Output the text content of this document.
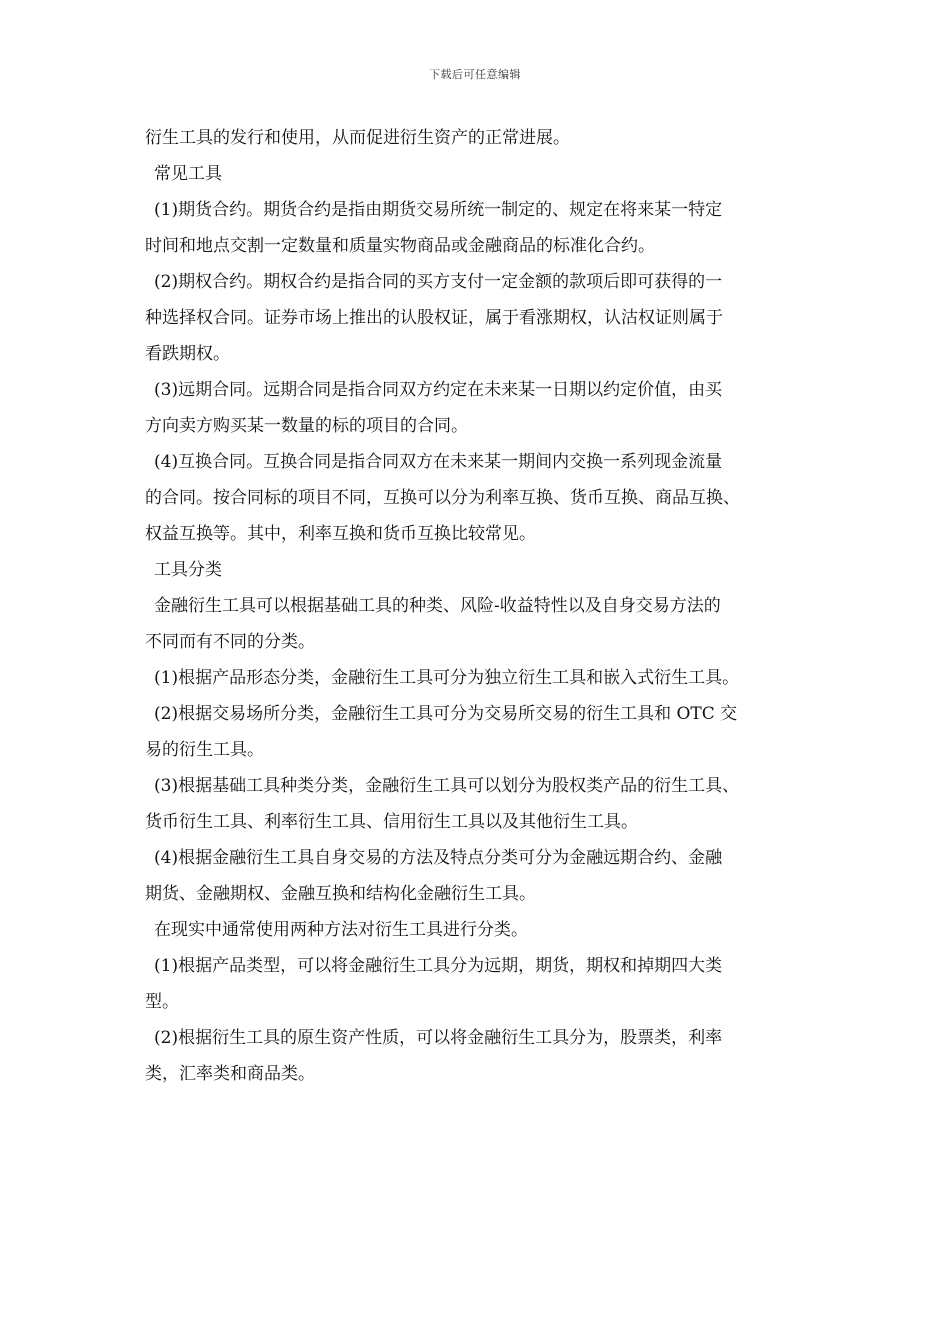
下载后可任意编辑
衍生工具的发行和使用，从而促进衍生资产的正常进展。
常见工具
(1)期货合约。期货合约是指由期货交易所统一制定的、规定在将来某一特定
时间和地点交割一定数量和质量实物商品或金融商品的标准化合约。
(2)期权合约。期权合约是指合同的买方支付一定金额的款项后即可获得的一
种选择权合同。证券市场上推出的认股权证，属于看涨期权，认沽权证则属于
看跌期权。
(3)远期合同。远期合同是指合同双方约定在未来某一日期以约定价值，由买
方向卖方购买某一数量的标的项目的合同。
(4)互换合同。互换合同是指合同双方在未来某一期间内交换一系列现金流量
的合同。按合同标的项目不同，互换可以分为利率互换、货币互换、商品互换、
权益互换等。其中，利率互换和货币互换比较常见。
工具分类
金融衍生工具可以根据基础工具的种类、风险-收益特性以及自身交易方法的
不同而有不同的分类。
(1)根据产品形态分类，金融衍生工具可分为独立衍生工具和嵌入式衍生工具。
(2)根据交易场所分类，金融衍生工具可分为交易所交易的衍生工具和 OTC 交
易的衍生工具。
(3)根据基础工具种类分类，金融衍生工具可以划分为股权类产品的衍生工具、
货币衍生工具、利率衍生工具、信用衍生工具以及其他衍生工具。
(4)根据金融衍生工具自身交易的方法及特点分类可分为金融远期合约、金融
期货、金融期权、金融互换和结构化金融衍生工具。
在现实中通常使用两种方法对衍生工具进行分类。
(1)根据产品类型，可以将金融衍生工具分为远期，期货，期权和掉期四大类
型。
(2)根据衍生工具的原生资产性质，可以将金融衍生工具分为，股票类，利率
类，汇率类和商品类。
